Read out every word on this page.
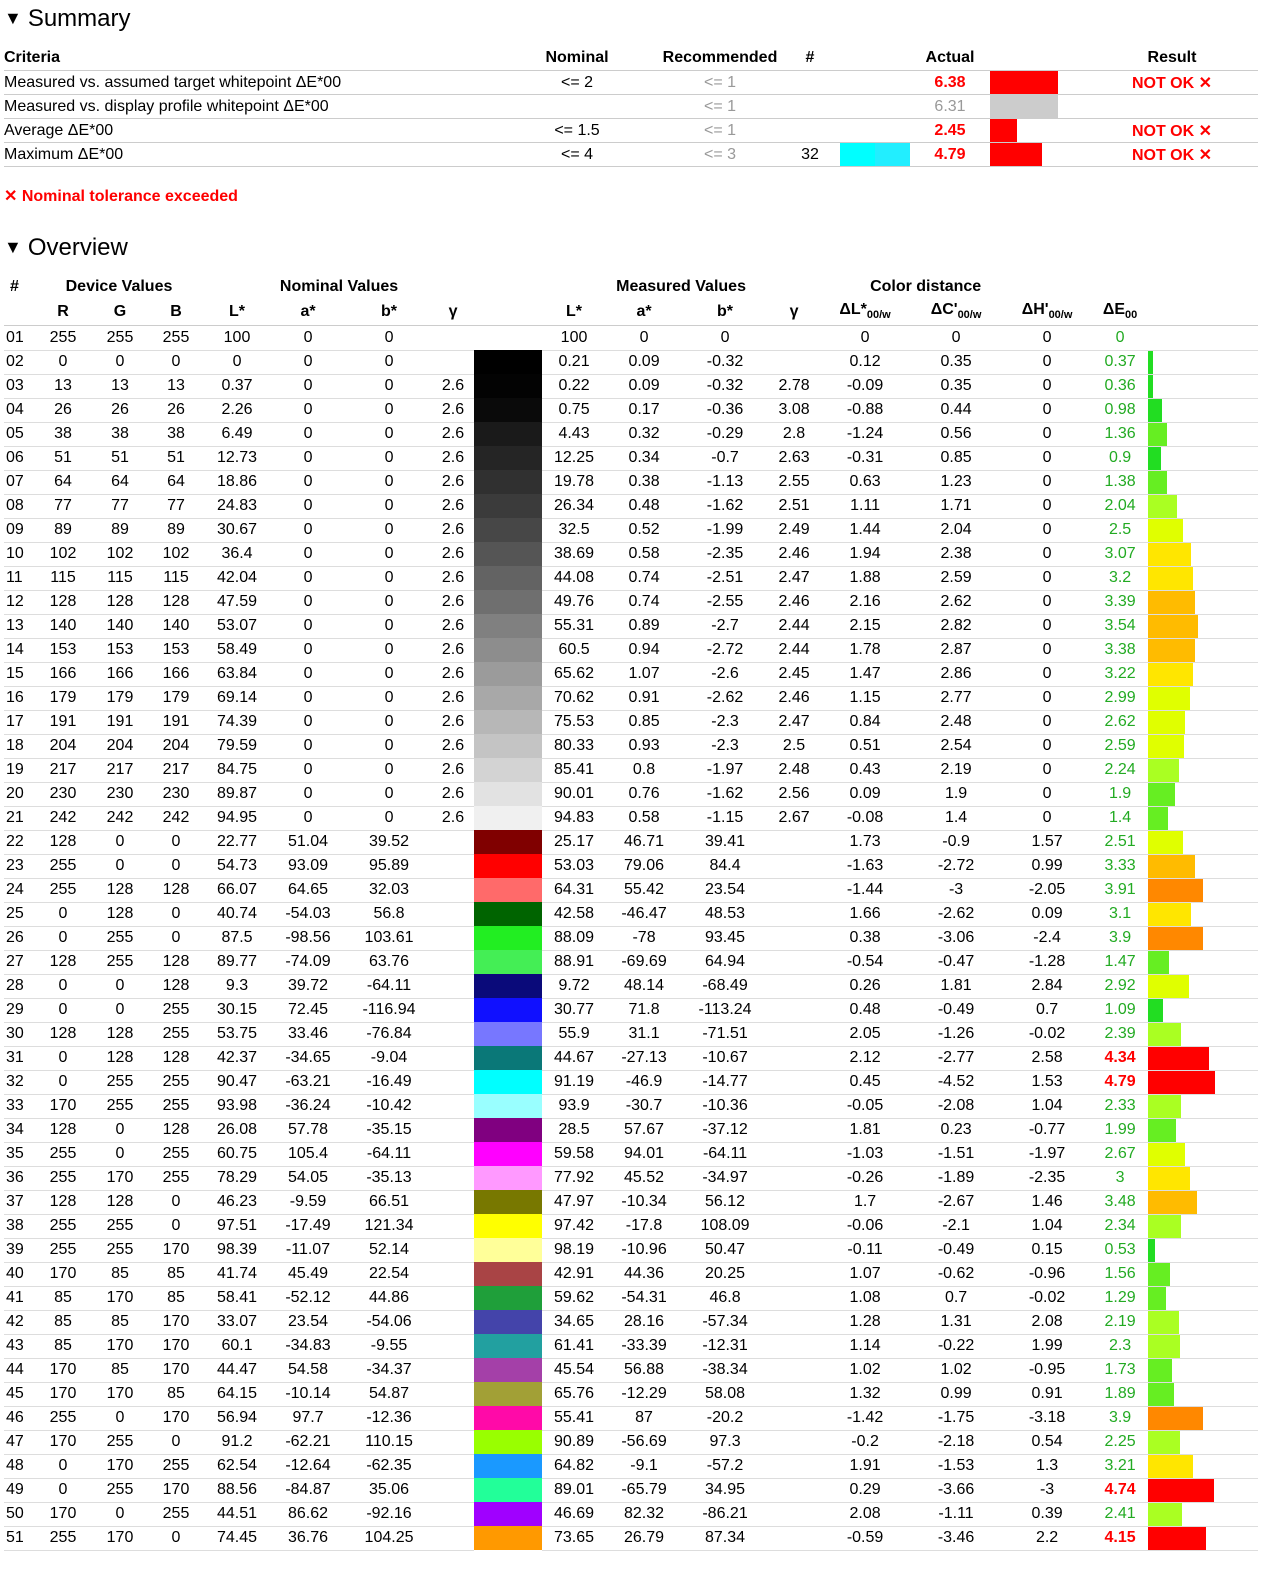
▼ Summary
Criteria	Nominal	Recommended	#		Actual		Result
Measured vs. assumed target whitepoint ΔE*00	<= 2	<= 1			6.38		NOT OK ✕
Measured vs. display profile whitepoint ΔE*00		<= 1			6.31	

Average ΔE*00	<= 1.5	<= 1			2.45		NOT OK ✕
Maximum ΔE*00	<= 4	<= 3	32		4.79		NOT OK ✕
✕ Nominal tolerance exceeded
▼ Overview
#	Device Values			Nominal Values					Measured Values				Color distance				
	R	G	B	L*	a*	b*	γ		L*	a*	b*	γ	$\Delta L*_{00/w}$	$\Delta C'_{00/w}$	$\Delta H'_{00/w}$	$\Delta E_{00}$	
01	255	255	255	100	0	0			100	0	0		0	0	0	0	
02	0	0	0	0	0	0			0.21	0.09	-0.32		0.12	0.35	0	0.37	

03	13	13	13	0.37	0	0	2.6		0.22	0.09	-0.32	2.78	-0.09	0.35	0	0.36	

04	26	26	26	2.26	0	0	2.6		0.75	0.17	-0.36	3.08	-0.88	0.44	0	0.98	

05	38	38	38	6.49	0	0	2.6		4.43	0.32	-0.29	2.8	-1.24	0.56	0	1.36	

06	51	51	51	12.73	0	0	2.6		12.25	0.34	-0.7	2.63	-0.31	0.85	0	0.9	

07	64	64	64	18.86	0	0	2.6		19.78	0.38	-1.13	2.55	0.63	1.23	0	1.38	

08	77	77	77	24.83	0	0	2.6		26.34	0.48	-1.62	2.51	1.11	1.71	0	2.04	

09	89	89	89	30.67	0	0	2.6		32.5	0.52	-1.99	2.49	1.44	2.04	0	2.5	

10	102	102	102	36.4	0	0	2.6		38.69	0.58	-2.35	2.46	1.94	2.38	0	3.07	

11	115	115	115	42.04	0	0	2.6		44.08	0.74	-2.51	2.47	1.88	2.59	0	3.2	

12	128	128	128	47.59	0	0	2.6		49.76	0.74	-2.55	2.46	2.16	2.62	0	3.39	

13	140	140	140	53.07	0	0	2.6		55.31	0.89	-2.7	2.44	2.15	2.82	0	3.54	

14	153	153	153	58.49	0	0	2.6		60.5	0.94	-2.72	2.44	1.78	2.87	0	3.38	

15	166	166	166	63.84	0	0	2.6		65.62	1.07	-2.6	2.45	1.47	2.86	0	3.22	

16	179	179	179	69.14	0	0	2.6		70.62	0.91	-2.62	2.46	1.15	2.77	0	2.99	

17	191	191	191	74.39	0	0	2.6		75.53	0.85	-2.3	2.47	0.84	2.48	0	2.62	

18	204	204	204	79.59	0	0	2.6		80.33	0.93	-2.3	2.5	0.51	2.54	0	2.59	

19	217	217	217	84.75	0	0	2.6		85.41	0.8	-1.97	2.48	0.43	2.19	0	2.24	

20	230	230	230	89.87	0	0	2.6		90.01	0.76	-1.62	2.56	0.09	1.9	0	1.9	

21	242	242	242	94.95	0	0	2.6		94.83	0.58	-1.15	2.67	-0.08	1.4	0	1.4	

22	128	0	0	22.77	51.04	39.52			25.17	46.71	39.41		1.73	-0.9	1.57	2.51	

23	255	0	0	54.73	93.09	95.89			53.03	79.06	84.4		-1.63	-2.72	0.99	3.33	

24	255	128	128	66.07	64.65	32.03			64.31	55.42	23.54		-1.44	-3	-2.05	3.91	

25	0	128	0	40.74	-54.03	56.8			42.58	-46.47	48.53		1.66	-2.62	0.09	3.1	

26	0	255	0	87.5	-98.56	103.61			88.09	-78	93.45		0.38	-3.06	-2.4	3.9	

27	128	255	128	89.77	-74.09	63.76			88.91	-69.69	64.94		-0.54	-0.47	-1.28	1.47	

28	0	0	128	9.3	39.72	-64.11			9.72	48.14	-68.49		0.26	1.81	2.84	2.92	

29	0	0	255	30.15	72.45	-116.94			30.77	71.8	-113.24		0.48	-0.49	0.7	1.09	

30	128	128	255	53.75	33.46	-76.84			55.9	31.1	-71.51		2.05	-1.26	-0.02	2.39	

31	0	128	128	42.37	-34.65	-9.04			44.67	-27.13	-10.67		2.12	-2.77	2.58	4.34	

32	0	255	255	90.47	-63.21	-16.49			91.19	-46.9	-14.77		0.45	-4.52	1.53	4.79	

33	170	255	255	93.98	-36.24	-10.42			93.9	-30.7	-10.36		-0.05	-2.08	1.04	2.33	

34	128	0	128	26.08	57.78	-35.15			28.5	57.67	-37.12		1.81	0.23	-0.77	1.99	

35	255	0	255	60.75	105.4	-64.11			59.58	94.01	-64.11		-1.03	-1.51	-1.97	2.67	

36	255	170	255	78.29	54.05	-35.13			77.92	45.52	-34.97		-0.26	-1.89	-2.35	3	

37	128	128	0	46.23	-9.59	66.51			47.97	-10.34	56.12		1.7	-2.67	1.46	3.48	

38	255	255	0	97.51	-17.49	121.34			97.42	-17.8	108.09		-0.06	-2.1	1.04	2.34	

39	255	255	170	98.39	-11.07	52.14			98.19	-10.96	50.47		-0.11	-0.49	0.15	0.53	

40	170	85	85	41.74	45.49	22.54			42.91	44.36	20.25		1.07	-0.62	-0.96	1.56	

41	85	170	85	58.41	-52.12	44.86			59.62	-54.31	46.8		1.08	0.7	-0.02	1.29	

42	85	85	170	33.07	23.54	-54.06			34.65	28.16	-57.34		1.28	1.31	2.08	2.19	

43	85	170	170	60.1	-34.83	-9.55			61.41	-33.39	-12.31		1.14	-0.22	1.99	2.3	

44	170	85	170	44.47	54.58	-34.37			45.54	56.88	-38.34		1.02	1.02	-0.95	1.73	

45	170	170	85	64.15	-10.14	54.87			65.76	-12.29	58.08		1.32	0.99	0.91	1.89	

46	255	0	170	56.94	97.7	-12.36			55.41	87	-20.2		-1.42	-1.75	-3.18	3.9	

47	170	255	0	91.2	-62.21	110.15			90.89	-56.69	97.3		-0.2	-2.18	0.54	2.25	

48	0	170	255	62.54	-12.64	-62.35			64.82	-9.1	-57.2		1.91	-1.53	1.3	3.21	

49	0	255	170	88.56	-84.87	35.06			89.01	-65.79	34.95		0.29	-3.66	-3	4.74	

50	170	0	255	44.51	86.62	-92.16			46.69	82.32	-86.21		2.08	-1.11	0.39	2.41	

51	255	170	0	74.45	36.76	104.25			73.65	26.79	87.34		-0.59	-3.46	2.2	4.15	
